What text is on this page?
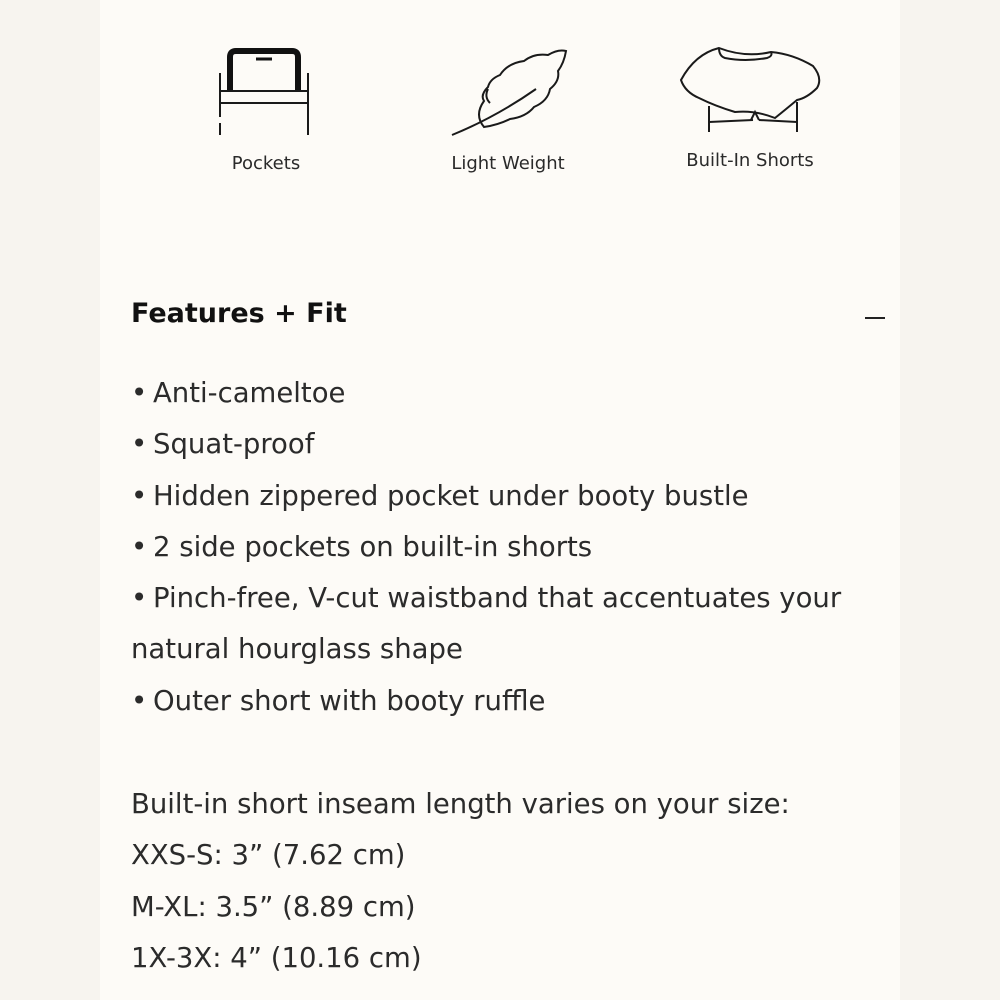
Pockets	Light Weight	Built-In Shorts
Features + Fit
• Anti-cameltoe
• Squat-proof
• Hidden zippered pocket under booty bustle
• 2 side pockets on built-in shorts
• Pinch-free, V-cut waistband that accentuates your natural hourglass shape
• Outer short with booty ruffle
Built-in short inseam length varies on your size:
XXS-S: 3” (7.62 cm)
M-XL: 3.5” (8.89 cm)
1X-3X: 4” (10.16 cm)
